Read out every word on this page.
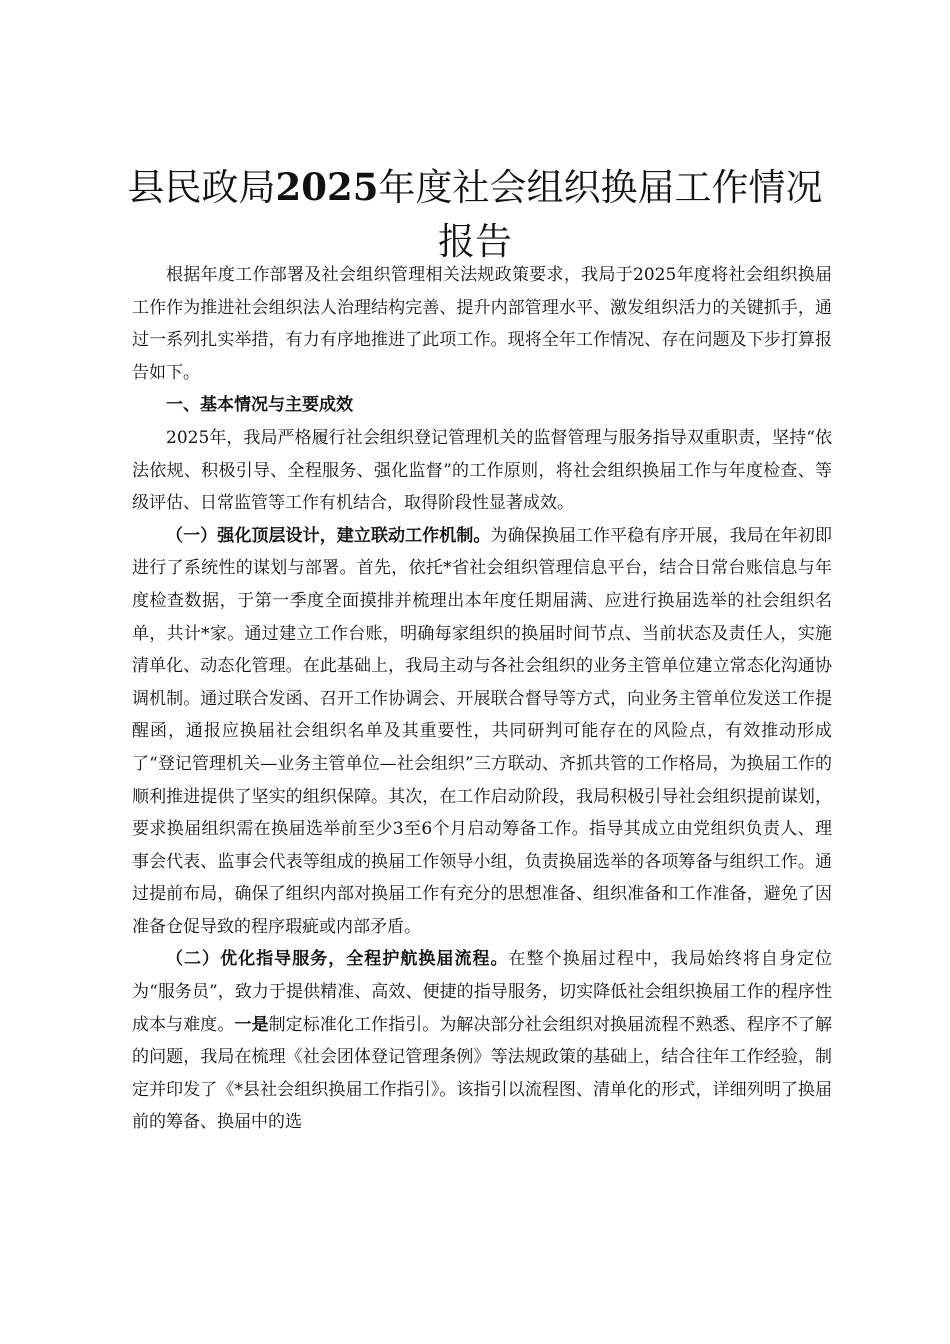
县民政局2025年度社会组织换届工作情况报告

根据年度工作部署及社会组织管理相关法规政策要求，我局于2025年度将社会组织换届工作作为推进社会组织法人治理结构完善、提升内部管理水平、激发组织活力的关键抓手，通过一系列扎实举措，有力有序地推进了此项工作。现将全年工作情况、存在问题及下步打算报告如下。

一、基本情况与主要成效

2025年，我局严格履行社会组织登记管理机关的监督管理与服务指导双重职责，坚持“依法依规、积极引导、全程服务、强化监督”的工作原则，将社会组织换届工作与年度检查、等级评估、日常监管等工作有机结合，取得阶段性显著成效。

（一）强化顶层设计，建立联动工作机制。为确保换届工作平稳有序开展，我局在年初即进行了系统性的谋划与部署。首先，依托*省社会组织管理信息平台，结合日常台账信息与年度检查数据，于第一季度全面摸排并梳理出本年度任期届满、应进行换届选举的社会组织名单，共计*家。通过建立工作台账，明确每家组织的换届时间节点、当前状态及责任人，实施清单化、动态化管理。在此基础上，我局主动与各社会组织的业务主管单位建立常态化沟通协调机制。通过联合发函、召开工作协调会、开展联合督导等方式，向业务主管单位发送工作提醒函，通报应换届社会组织名单及其重要性，共同研判可能存在的风险点，有效推动形成了“登记管理机关—业务主管单位—社会组织”三方联动、齐抓共管的工作格局，为换届工作的顺利推进提供了坚实的组织保障。其次，在工作启动阶段，我局积极引导社会组织提前谋划，要求换届组织需在换届选举前至少3至6个月启动筹备工作。指导其成立由党组织负责人、理事会代表、监事会代表等组成的换届工作领导小组，负责换届选举的各项筹备与组织工作。通过提前布局，确保了组织内部对换届工作有充分的思想准备、组织准备和工作准备，避免了因准备仓促导致的程序瑕疵或内部矛盾。

（二）优化指导服务，全程护航换届流程。在整个换届过程中，我局始终将自身定位为“服务员”，致力于提供精准、高效、便捷的指导服务，切实降低社会组织换届工作的程序性成本与难度。一是制定标准化工作指引。为解决部分社会组织对换届流程不熟悉、程序不了解的问题，我局在梳理《社会团体登记管理条例》等法规政策的基础上，结合往年工作经验，制定并印发了《*县社会组织换届工作指引》。该指引以流程图、清单化的形式，详细列明了换届前的筹备、换届中的选
